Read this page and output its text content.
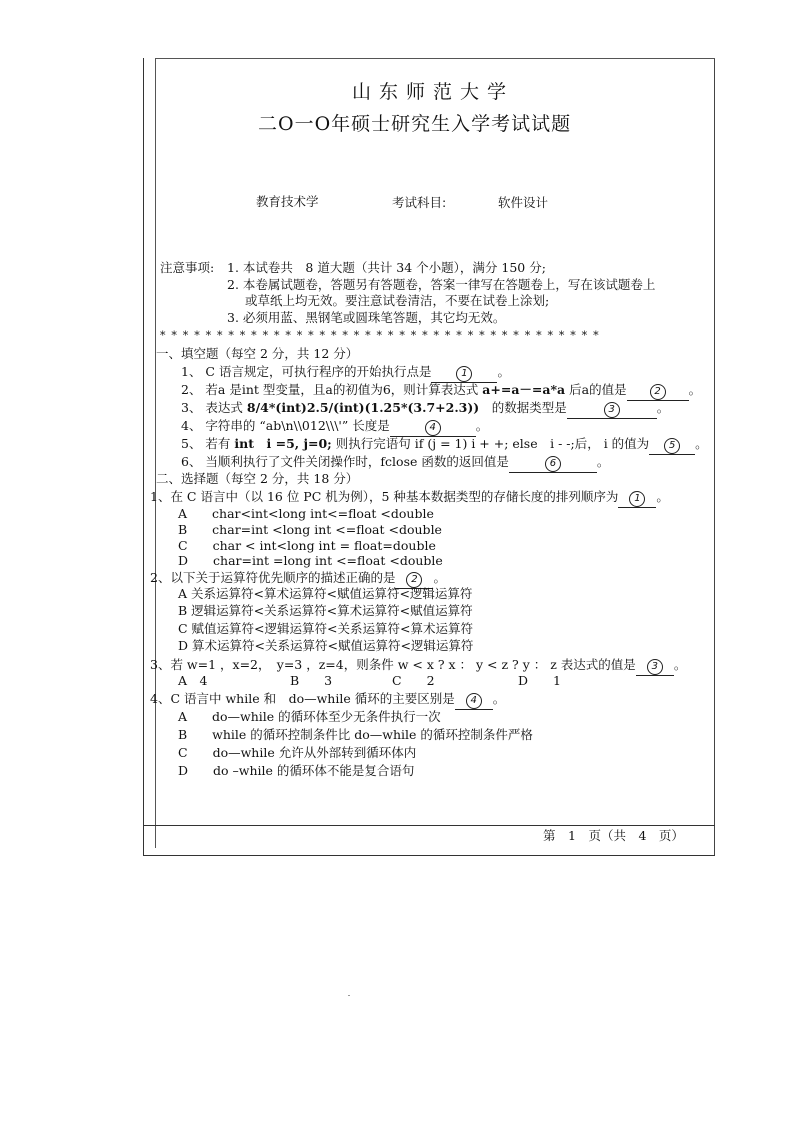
山东师范大学
二O一O年硕士研究生入学考试试题
教育技术学	考试科目:	软件设计
注意事项: 1. 本试卷共　8 道大题（共计 34 个小题），满分 150 分;
2. 本卷属试题卷，答题另有答题卷，答案一律写在答题卷上，写在该试题卷上
或草纸上均无效。要注意试卷清洁，不要在试卷上涂划;
3. 必须用蓝、黑钢笔或圆珠笔答题，其它均无效。
* * * * * * * * * * * * * * * * * * * * * * * * * * * * * * * * * * * * * * *
一、填空题（每空 2 分，共 12 分）
1、 C 语言规定，可执行程序的开始执行点是	1 。
2、 若a 是int 型变量，且a的初值为6，则计算表达式 a+=a－=a*a 后a的值是	2 。
3、 表达式 8/4*(int)2.5/(int)(1.25*(3.7+2.3))　的数据类型是	3	。
4、 字符串的 “ab\n\\012\\\'” 长度是	4	。
5、 若有 int　i =5, j=0; 则执行完语句 if (j = 1) i + +; else　i - -;后， i 的值为 5 。
6、 当顺利执行了文件关闭操作时，fclose 函数的返回值是	6	。
二、选择题（每空 2 分，共 18 分）
1、在 C 语言中（以 16 位 PC 机为例），5 种基本数据类型的存储长度的排列顺序为 1 。
A　　char<int<long int<=float <double
B　　char=int <long int <=float <double
C　　char < int<long int = float=double
D　　char=int =long int <=float <double
2、以下关于运算符优先顺序的描述正确的是 2 。
A 关系运算符<算术运算符<赋值运算符<逻辑运算符
B 逻辑运算符<关系运算符<算术运算符<赋值运算符
C 赋值运算符<逻辑运算符<关系运算符<算术运算符
D 算术运算符<关系运算符<赋值运算符<逻辑运算符
3、若 w=1 ，x=2，　y=3 ，z=4，则条件 w < x ? x ： y < z ? y ： z 表达式的值是 3 。
A　4	B　　3	C　　2	D　　1
4、C 语言中 while 和　do—while 循环的主要区别是 4 。
A　　do—while 的循环体至少无条件执行一次
B　　while 的循环控制条件比 do—while 的循环控制条件严格
C　　do—while 允许从外部转到循环体内
D　　do –while 的循环体不能是复合语句
第　1　页（共　4　页）
